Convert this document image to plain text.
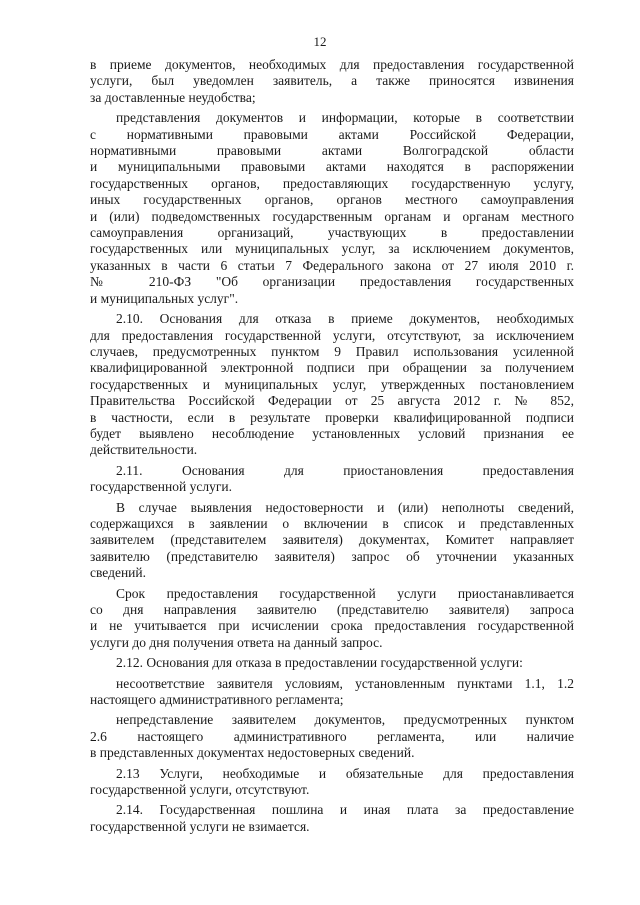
12
в приеме документов, необходимых для предоставления государственной
услуги, был уведомлен заявитель, а также приносятся извинения
за доставленные неудобства;
представления документов и информации, которые в соответствии
с нормативными правовыми актами Российской Федерации,
нормативными правовыми актами Волгоградской области
и муниципальными правовыми актами находятся в распоряжении
государственных органов, предоставляющих государственную услугу,
иных государственных органов, органов местного самоуправления
и (или) подведомственных государственным органам и органам местного
самоуправления организаций, участвующих в предоставлении
государственных или муниципальных услуг, за исключением документов,
указанных в части 6 статьи 7 Федерального закона от 27 июля 2010 г.
№ 210-ФЗ "Об организации предоставления государственных
и муниципальных услуг".
2.10. Основания для отказа в приеме документов, необходимых
для предоставления государственной услуги, отсутствуют, за исключением
случаев, предусмотренных пунктом 9 Правил использования усиленной
квалифицированной электронной подписи при обращении за получением
государственных и муниципальных услуг, утвержденных постановлением
Правительства Российской Федерации от 25 августа 2012 г. № 852,
в частности, если в результате проверки квалифицированной подписи
будет выявлено несоблюдение установленных условий признания ее
действительности.
2.11. Основания для приостановления предоставления
государственной услуги.
В случае выявления недостоверности и (или) неполноты сведений,
содержащихся в заявлении о включении в список и представленных
заявителем (представителем заявителя) документах, Комитет направляет
заявителю (представителю заявителя) запрос об уточнении указанных
сведений.
Срок предоставления государственной услуги приостанавливается
со дня направления заявителю (представителю заявителя) запроса
и не учитывается при исчислении срока предоставления государственной
услуги до дня получения ответа на данный запрос.
2.12. Основания для отказа в предоставлении государственной услуги:
несоответствие заявителя условиям, установленным пунктами 1.1, 1.2
настоящего административного регламента;
непредставление заявителем документов, предусмотренных пунктом
2.6 настоящего административного регламента, или наличие
в представленных документах недостоверных сведений.
2.13 Услуги, необходимые и обязательные для предоставления
государственной услуги, отсутствуют.
2.14. Государственная пошлина и иная плата за предоставление
государственной услуги не взимается.
